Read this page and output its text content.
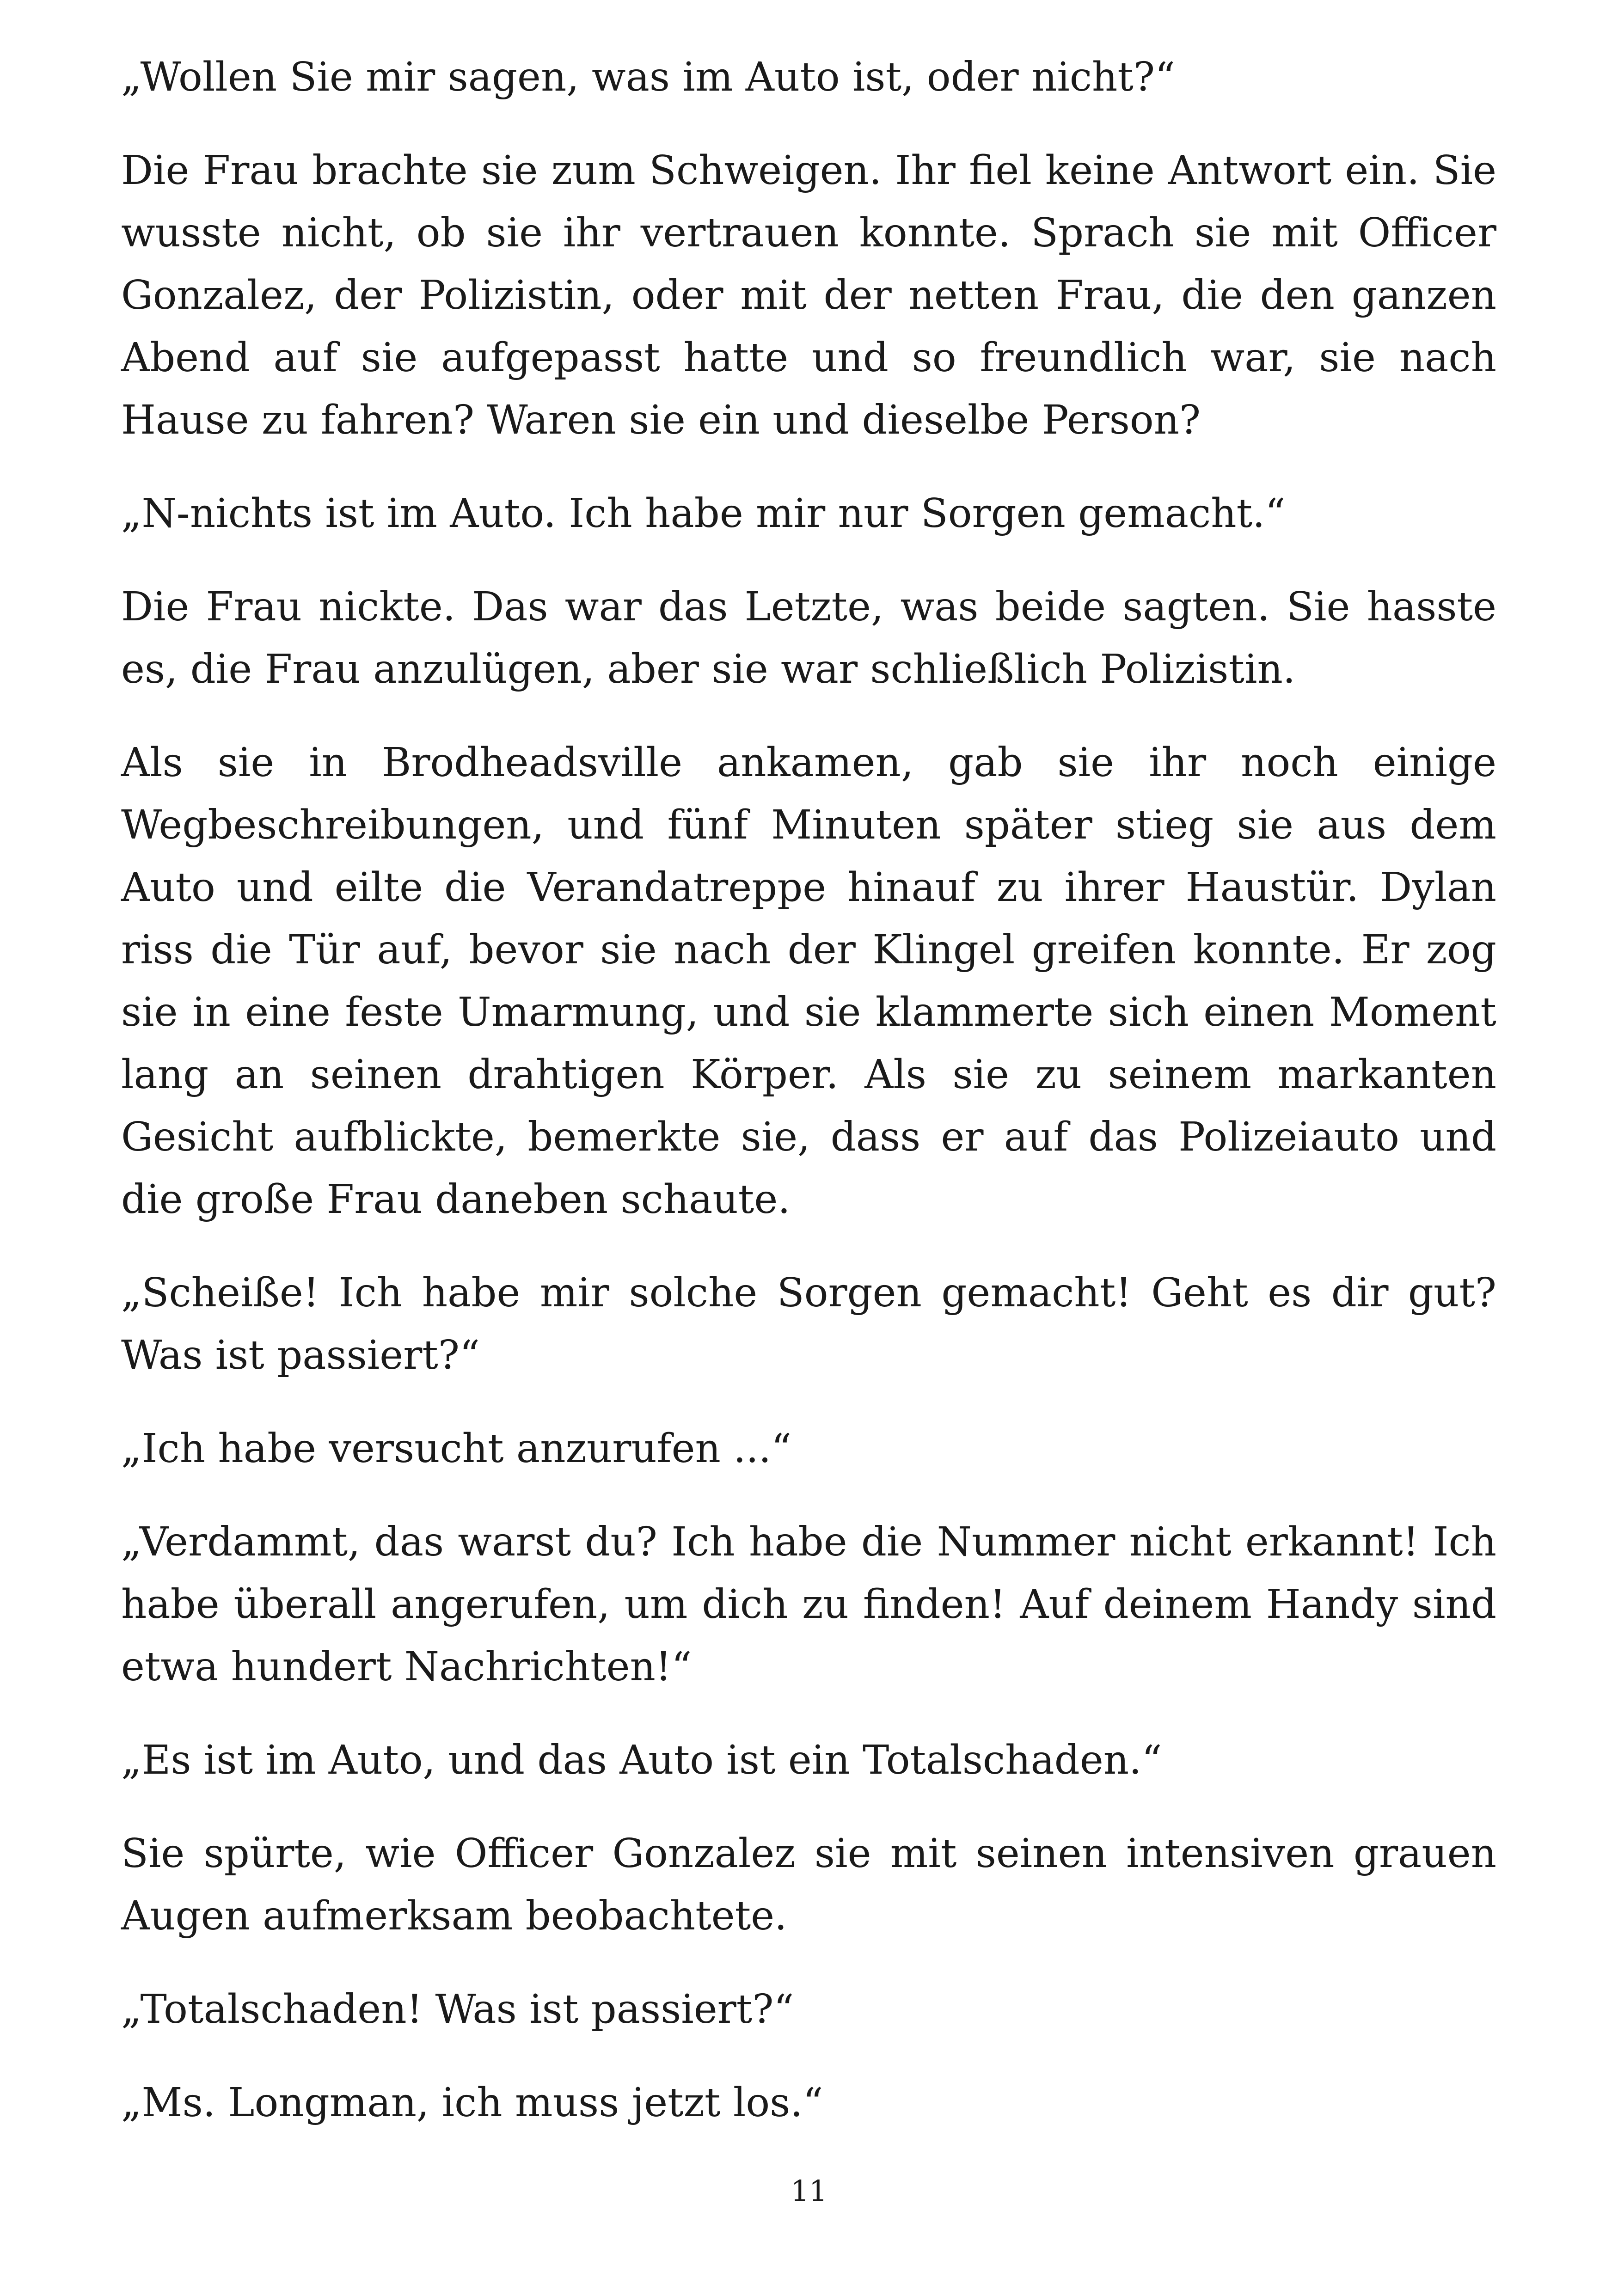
„Wollen Sie mir sagen, was im Auto ist, oder nicht?“

Die Frau brachte sie zum Schweigen. Ihr fiel keine Antwort ein. Sie wusste nicht, ob sie ihr vertrauen konnte. Sprach sie mit Officer Gonzalez, der Polizistin, oder mit der netten Frau, die den ganzen Abend auf sie aufgepasst hatte und so freundlich war, sie nach Hause zu fahren? Waren sie ein und dieselbe Person?

„N-nichts ist im Auto. Ich habe mir nur Sorgen gemacht.“

Die Frau nickte. Das war das Letzte, was beide sagten. Sie hasste es, die Frau anzulügen, aber sie war schließlich Polizistin.

Als sie in Brodheadsville ankamen, gab sie ihr noch einige Wegbeschreibungen, und fünf Minuten später stieg sie aus dem Auto und eilte die Verandatreppe hinauf zu ihrer Haustür. Dylan riss die Tür auf, bevor sie nach der Klingel greifen konnte. Er zog sie in eine feste Umarmung, und sie klammerte sich einen Moment lang an seinen drahtigen Körper. Als sie zu seinem markanten Gesicht aufblickte, bemerkte sie, dass er auf das Polizeiauto und die große Frau daneben schaute.

„Scheiße! Ich habe mir solche Sorgen gemacht! Geht es dir gut? Was ist passiert?“

„Ich habe versucht anzurufen ...“

„Verdammt, das warst du? Ich habe die Nummer nicht erkannt! Ich habe überall angerufen, um dich zu finden! Auf deinem Handy sind etwa hundert Nachrichten!“

„Es ist im Auto, und das Auto ist ein Totalschaden.“

Sie spürte, wie Officer Gonzalez sie mit seinen intensiven grauen Augen aufmerksam beobachtete.

„Totalschaden! Was ist passiert?“

„Ms. Longman, ich muss jetzt los.“

11
